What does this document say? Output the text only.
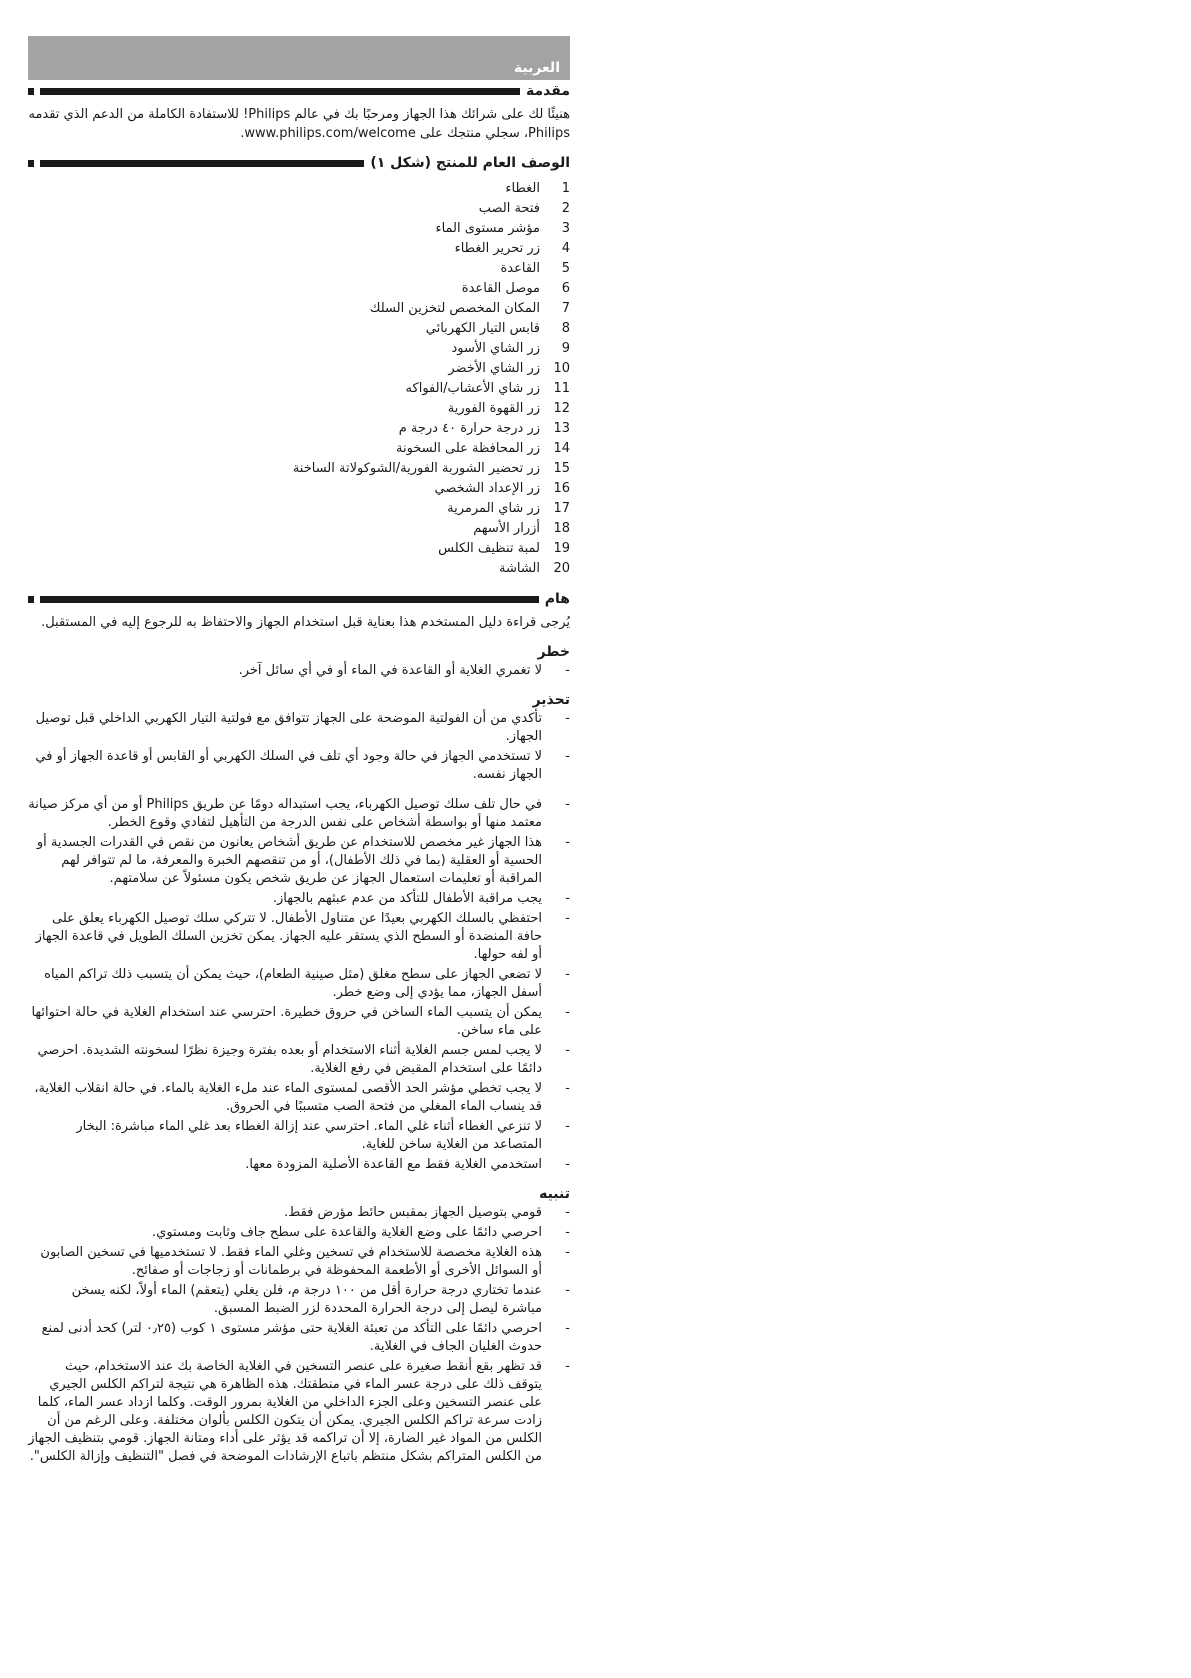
العربية
مقدمة

هنيئًا لك على شرائك هذا الجهاز ومرحبًا بك في عالم Philips! للاستفادة الكاملة من الدعم الذي تقدمه Philips، سجلي منتجك على www.philips.com/welcome.

الوصف العام للمنتج (شكل ١)
1
الغطاء
2
فتحة الصب
3
مؤشر مستوى الماء
4
زر تحرير الغطاء
5
القاعدة
6
موصل القاعدة
7
المكان المخصص لتخزين السلك
8
قابس التيار الكهربائي
9
زر الشاي الأسود
10
زر الشاي الأخضر
11
زر شاي الأعشاب/الفواكه
12
زر القهوة الفورية
13
زر درجة حرارة ٤٠ درجة م
14
زر المحافظة على السخونة
15
زر تحضير الشوربة الفورية/الشوكولاتة الساخنة
16
زر الإعداد الشخصي
17
زر شاي المرمرية
18
أزرار الأسهم
19
لمبة تنظيف الكلس
20
الشاشة
هام

يُرجى قراءة دليل المستخدم هذا بعناية قبل استخدام الجهاز والاحتفاظ به للرجوع إليه في المستقبل.

خطر
- لا تغمري الغلاية أو القاعدة في الماء أو في أي سائل آخر.
تحذير
- تأكدي من أن الفولتية الموضحة على الجهاز تتوافق مع فولتية التيار الكهربي الداخلي قبل توصيل الجهاز.
- لا تستخدمي الجهاز في حالة وجود أي تلف في السلك الكهربي أو القابس أو قاعدة الجهاز أو في الجهاز نفسه.
- في حال تلف سلك توصيل الكهرباء، يجب استبداله دومًا عن طريق Philips أو من أي مركز صيانة معتمد منها أو بواسطة أشخاص على نفس الدرجة من التأهيل لتفادي وقوع الخطر.
- هذا الجهاز غير مخصص للاستخدام عن طريق أشخاص يعانون من نقص في القدرات الجسدية أو الحسية أو العقلية (بما في ذلك الأطفال)، أو من تنقصهم الخبرة والمعرفة، ما لم تتوافر لهم المراقبة أو تعليمات استعمال الجهاز عن طريق شخص يكون مسئولاً عن سلامتهم.
- يجب مراقبة الأطفال للتأكد من عدم عبثهم بالجهاز.
- احتفظي بالسلك الكهربي بعيدًا عن متناول الأطفال. لا تتركي سلك توصيل الكهرباء يعلق على حافة المنضدة أو السطح الذي يستقر عليه الجهاز. يمكن تخزين السلك الطويل في قاعدة الجهاز أو لفه حولها.
- لا تضعي الجهاز على سطح مغلق (مثل صينية الطعام)، حيث يمكن أن يتسبب ذلك تراكم المياه أسفل الجهاز، مما يؤدي إلى وضع خطر.
- يمكن أن يتسبب الماء الساخن في حروق خطيرة. احترسي عند استخدام الغلاية في حالة احتوائها على ماء ساخن.
- لا يجب لمس جسم الغلاية أثناء الاستخدام أو بعده بفترة وجيزة نظرًا لسخونته الشديدة. احرصي دائمًا على استخدام المقبض في رفع الغلاية.
- لا يجب تخطي مؤشر الحد الأقصى لمستوى الماء عند ملء الغلاية بالماء. في حالة انقلاب الغلاية، قد ينساب الماء المغلي من فتحة الصب متسببًا في الحروق.
- لا تنزعي الغطاء أثناء غلي الماء. احترسي عند إزالة الغطاء بعد غلي الماء مباشرة: البخار المتصاعد من الغلاية ساخن للغاية.
- استخدمي الغلاية فقط مع القاعدة الأصلية المزودة معها.
تنبيه
- قومي بتوصيل الجهاز بمقبس حائط مؤرض فقط.
- احرصي دائمًا على وضع الغلاية والقاعدة على سطح جاف وثابت ومستوي.
- هذه الغلاية مخصصة للاستخدام في تسخين وغلي الماء فقط. لا تستخدميها في تسخين الصابون أو السوائل الأخرى أو الأطعمة المحفوظة في برطمانات أو زجاجات أو صفائح.
- عندما تختاري درجة حرارة أقل من ١٠٠ درجة م، فلن يغلي (يتعقم) الماء أولاً، لكنه يسخن مباشرة ليصل إلى درجة الحرارة المحددة لزر الضبط المسبق.
- احرصي دائمًا على التأكد من تعبئة الغلاية حتى مؤشر مستوى ١ كوب (٠٫٢٥ لتر) كحد أدنى لمنع حدوث الغليان الجاف في الغلاية.
- قد تظهر بقع أنقط صغيرة على عنصر التسخين في الغلاية الخاصة بك عند الاستخدام، حيث يتوقف ذلك على درجة عسر الماء في منطقتك. هذه الظاهرة هي نتيجة لتراكم الكلس الجيري على عنصر التسخين وعلى الجزء الداخلي من الغلاية بمرور الوقت. وكلما ازداد عسر الماء، كلما زادت سرعة تراكم الكلس الجيري. يمكن أن يتكون الكلس بألوان مختلفة. وعلى الرغم من أن الكلس من المواد غير الضارة، إلا أن تراكمه قد يؤثر على أداء ومتانة الجهاز. قومي بتنظيف الجهاز من الكلس المتراكم بشكل منتظم باتباع الإرشادات الموضحة في فصل "التنظيف وإزالة الكلس".
